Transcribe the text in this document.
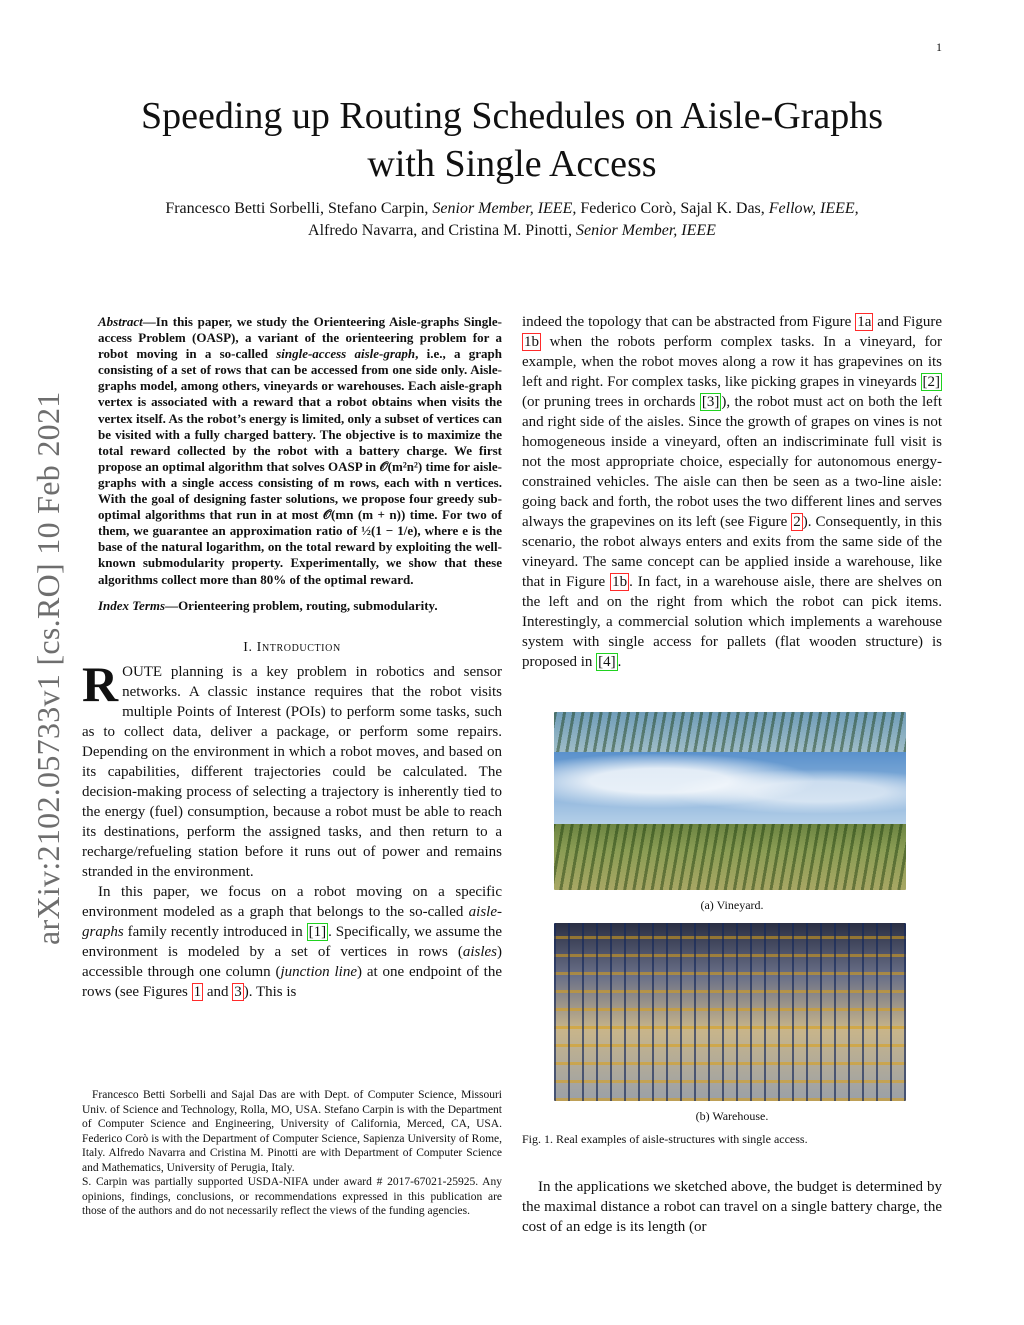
1
arXiv:2102.05733v1 [cs.RO] 10 Feb 2021
Speeding up Routing Schedules on Aisle-Graphs
with Single Access
Francesco Betti Sorbelli, Stefano Carpin, Senior Member, IEEE, Federico Corò, Sajal K. Das, Fellow, IEEE,
Alfredo Navarra, and Cristina M. Pinotti, Senior Member, IEEE
Abstract—In this paper, we study the Orienteering Aisle-graphs Single-access Problem (OASP), a variant of the orienteering problem for a robot moving in a so-called single-access aisle-graph, i.e., a graph consisting of a set of rows that can be accessed from one side only. Aisle-graphs model, among others, vineyards or warehouses. Each aisle-graph vertex is associated with a reward that a robot obtains when visits the vertex itself. As the robot’s energy is limited, only a subset of vertices can be visited with a fully charged battery. The objective is to maximize the total reward collected by the robot with a battery charge. We first propose an optimal algorithm that solves OASP in 𝒪(m²n²) time for aisle-graphs with a single access consisting of m rows, each with n vertices. With the goal of designing faster solutions, we propose four greedy sub-optimal algorithms that run in at most 𝒪(mn (m + n)) time. For two of them, we guarantee an approximation ratio of ½(1 − 1/e), where e is the base of the natural logarithm, on the total reward by exploiting the well-known submodularity property. Experimentally, we show that these algorithms collect more than 80% of the optimal reward.
Index Terms—Orienteering problem, routing, submodularity.
I. Introduction

ROUTE planning is a key problem in robotics and sensor networks. A classic instance requires that the robot visits multiple Points of Interest (POIs) to perform some tasks, such as to collect data, deliver a package, or perform some repairs. Depending on the environment in which a robot moves, and based on its capabilities, different trajectories could be calculated. The decision-making process of selecting a trajectory is inherently tied to the energy (fuel) consumption, because a robot must be able to reach its destinations, perform the assigned tasks, and then return to a recharge/refueling station before it runs out of power and remains stranded in the environment.

In this paper, we focus on a robot moving on a specific environment modeled as a graph that belongs to the so-called aisle-graphs family recently introduced in [1] . Specifically, we assume the environment is modeled by a set of vertices in rows (aisles) accessible through one column (junction line) at one endpoint of the rows (see Figures 1 and 3 ). This is

Francesco Betti Sorbelli and Sajal Das are with Dept. of Computer Science, Missouri Univ. of Science and Technology, Rolla, MO, USA. Stefano Carpin is with the Department of Computer Science and Engineering, University of California, Merced, CA, USA. Federico Corò is with the Department of Computer Science, Sapienza University of Rome, Italy. Alfredo Navarra and Cristina M. Pinotti are with Department of Computer Science and Mathematics, University of Perugia, Italy.

S. Carpin was partially supported USDA-NIFA under award # 2017-67021-25925. Any opinions, findings, conclusions, or recommendations expressed in this publication are those of the authors and do not necessarily reflect the views of the funding agencies.

indeed the topology that can be abstracted from Figure 1a and Figure 1b when the robots perform complex tasks. In a vineyard, for example, when the robot moves along a row it has grapevines on its left and right. For complex tasks, like picking grapes in vineyards [2] (or pruning trees in orchards [3] ), the robot must act on both the left and right side of the aisles. Since the growth of grapes on vines is not homogeneous inside a vineyard, often an indiscriminate full visit is not the most appropriate choice, especially for autonomous energy-constrained vehicles. The aisle can then be seen as a two-line aisle: going back and forth, the robot uses the two different lines and serves always the grapevines on its left (see Figure 2 ). Consequently, in this scenario, the robot always enters and exits from the same side of the vineyard. The same concept can be applied inside a warehouse, like that in Figure 1b . In fact, in a warehouse aisle, there are shelves on the left and on the right from which the robot can pick items. Interestingly, a commercial solution which implements a warehouse system with single access for pallets (flat wooden structure) is proposed in [4] .

(a) Vineyard.
(b) Warehouse.
Fig. 1. Real examples of aisle-structures with single access.

In the applications we sketched above, the budget is determined by the maximal distance a robot can travel on a single battery charge, the cost of an edge is its length (or
